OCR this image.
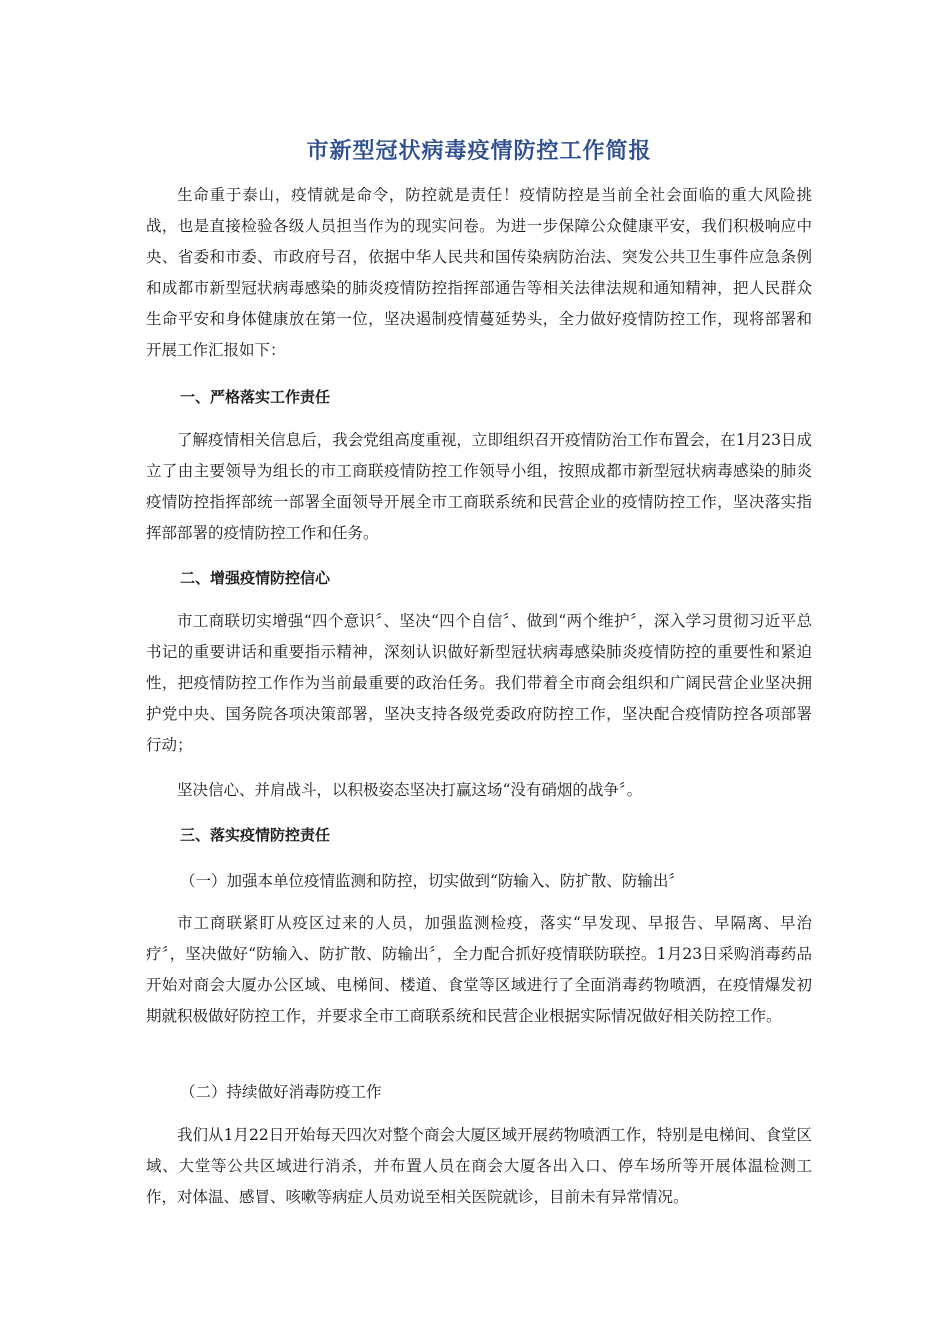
市新型冠状病毒疫情防控工作简报

生命重于泰山，疫情就是命令，防控就是责任！疫情防控是当前全社会面临的重大风险挑战，也是直接检验各级人员担当作为的现实问卷。为进一步保障公众健康平安，我们积极响应中央、省委和市委、市政府号召，依据中华人民共和国传染病防治法、突发公共卫生事件应急条例和成都市新型冠状病毒感染的肺炎疫情防控指挥部通告等相关法律法规和通知精神，把人民群众生命平安和身体健康放在第一位，坚决遏制疫情蔓延势头，全力做好疫情防控工作，现将部署和开展工作汇报如下：

一、严格落实工作责任

了解疫情相关信息后，我会党组高度重视，立即组织召开疫情防治工作布置会，在1月23日成立了由主要领导为组长的市工商联疫情防控工作领导小组，按照成都市新型冠状病毒感染的肺炎疫情防控指挥部统一部署全面领导开展全市工商联系统和民营企业的疫情防控工作，坚决落实指挥部部署的疫情防控工作和任务。

二、增强疫情防控信心

市工商联切实增强“四个意识〞、坚决“四个自信〞、做到“两个维护〞，深入学习贯彻习近平总书记的重要讲话和重要指示精神，深刻认识做好新型冠状病毒感染肺炎疫情防控的重要性和紧迫性，把疫情防控工作作为当前最重要的政治任务。我们带着全市商会组织和广阔民营企业坚决拥护党中央、国务院各项决策部署，坚决支持各级党委政府防控工作，坚决配合疫情防控各项部署行动；

坚决信心、并肩战斗，以积极姿态坚决打赢这场“没有硝烟的战争〞。

三、落实疫情防控责任

（一）加强本单位疫情监测和防控，切实做到“防输入、防扩散、防输出〞

市工商联紧盯从疫区过来的人员，加强监测检疫，落实“早发现、早报告、早隔离、早治疗〞，坚决做好“防输入、防扩散、防输出〞，全力配合抓好疫情联防联控。1月23日采购消毒药品开始对商会大厦办公区域、电梯间、楼道、食堂等区域进行了全面消毒药物喷洒，在疫情爆发初期就积极做好防控工作，并要求全市工商联系统和民营企业根据实际情况做好相关防控工作。

（二）持续做好消毒防疫工作

我们从1月22日开始每天四次对整个商会大厦区域开展药物喷洒工作，特别是电梯间、食堂区域、大堂等公共区域进行消杀，并布置人员在商会大厦各出入口、停车场所等开展体温检测工作，对体温、感冒、咳嗽等病症人员劝说至相关医院就诊，目前未有异常情况。
